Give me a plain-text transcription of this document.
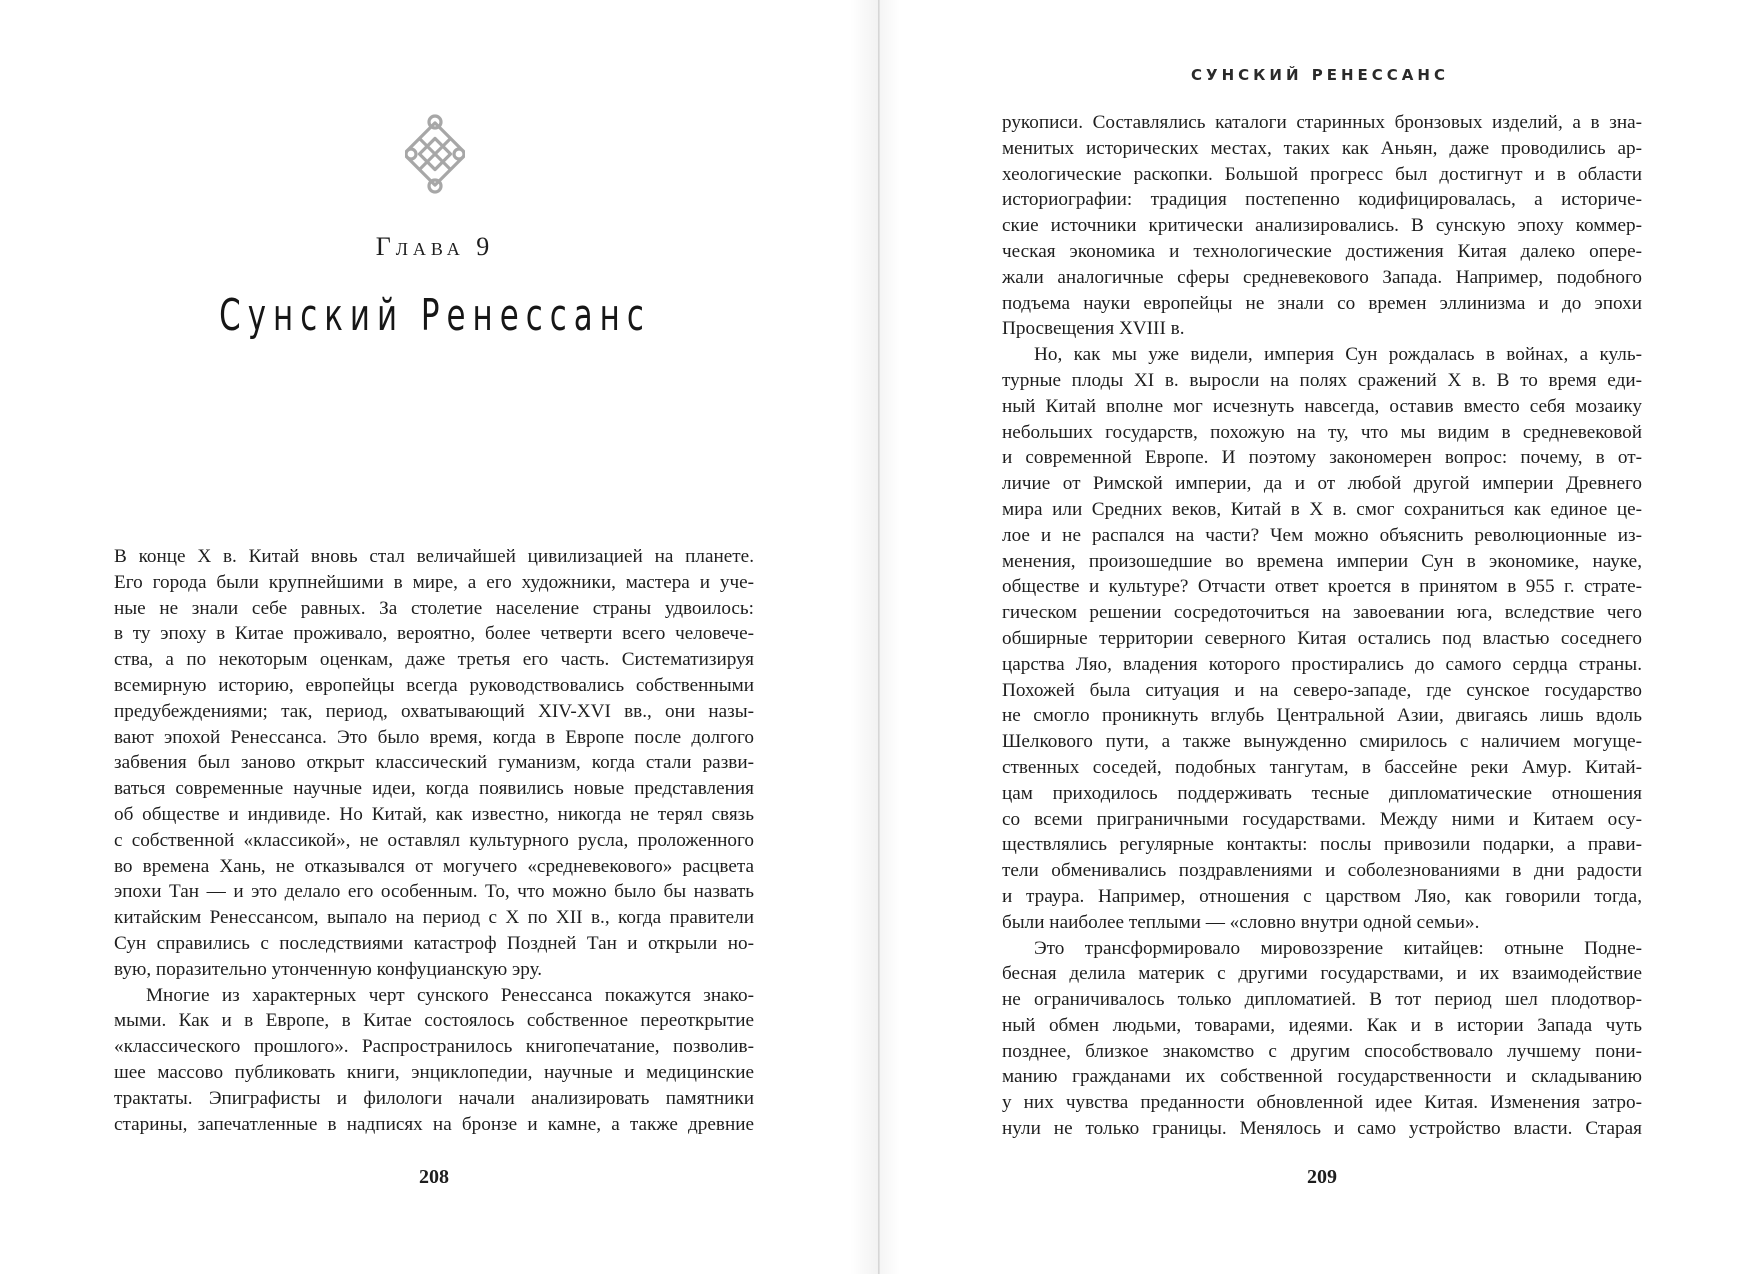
Глава 9
Сунский Ренессанс
В конце X в. Китай вновь стал величайшей цивилизацией на планете.
Его города были крупнейшими в мире, а его художники, мастера и уче-
ные не знали себе равных. За столетие население страны удвоилось:
в ту эпоху в Китае проживало, вероятно, более четверти всего человече-
ства, а по некоторым оценкам, даже третья его часть. Систематизируя
всемирную историю, европейцы всегда руководствовались собственными
предубеждениями; так, период, охватывающий XIV-XVI вв., они назы-
вают эпохой Ренессанса. Это было время, когда в Европе после долгого
забвения был заново открыт классический гуманизм, когда стали разви-
ваться современные научные идеи, когда появились новые представления
об обществе и индивиде. Но Китай, как известно, никогда не терял связь
с собственной «классикой», не оставлял культурного русла, проложенного
во времена Хань, не отказывался от могучего «средневекового» расцвета
эпохи Тан — и это делало его особенным. То, что можно было бы назвать
китайским Ренессансом, выпало на период с X по XII в., когда правители
Сун справились с последствиями катастроф Поздней Тан и открыли но-
вую, поразительно утонченную конфуцианскую эру.
Многие из характерных черт сунского Ренессанса покажутся знако-
мыми. Как и в Европе, в Китае состоялось собственное переоткрытие
«классического прошлого». Распространилось книгопечатание, позволив-
шее массово публиковать книги, энциклопедии, научные и медицинские
трактаты. Эпиграфисты и филологи начали анализировать памятники
старины, запечатленные в надписях на бронзе и камне, а также древние
208
СУНСКИЙ РЕНЕССАНС
рукописи. Составлялись каталоги старинных бронзовых изделий, а в зна-
менитых исторических местах, таких как Аньян, даже проводились ар-
хеологические раскопки. Большой прогресс был достигнут и в области
историографии: традиция постепенно кодифицировалась, а историче-
ские источники критически анализировались. В сунскую эпоху коммер-
ческая экономика и технологические достижения Китая далеко опере-
жали аналогичные сферы средневекового Запада. Например, подобного
подъема науки европейцы не знали со времен эллинизма и до эпохи
Просвещения XVIII в.
Но, как мы уже видели, империя Сун рождалась в войнах, а куль-
турные плоды XI в. выросли на полях сражений X в. В то время еди-
ный Китай вполне мог исчезнуть навсегда, оставив вместо себя мозаику
небольших государств, похожую на ту, что мы видим в средневековой
и современной Европе. И поэтому закономерен вопрос: почему, в от-
личие от Римской империи, да и от любой другой империи Древнего
мира или Средних веков, Китай в X в. смог сохраниться как единое це-
лое и не распался на части? Чем можно объяснить революционные из-
менения, произошедшие во времена империи Сун в экономике, науке,
обществе и культуре? Отчасти ответ кроется в принятом в 955 г. страте-
гическом решении сосредоточиться на завоевании юга, вследствие чего
обширные территории северного Китая остались под властью соседнего
царства Ляо, владения которого простирались до самого сердца страны.
Похожей была ситуация и на северо-западе, где сунское государство
не смогло проникнуть вглубь Центральной Азии, двигаясь лишь вдоль
Шелкового пути, а также вынужденно смирилось с наличием могуще-
ственных соседей, подобных тангутам, в бассейне реки Амур. Китай-
цам приходилось поддерживать тесные дипломатические отношения
со всеми приграничными государствами. Между ними и Китаем осу-
ществлялись регулярные контакты: послы привозили подарки, а прави-
тели обменивались поздравлениями и соболезнованиями в дни радости
и траура. Например, отношения с царством Ляо, как говорили тогда,
были наиболее теплыми — «словно внутри одной семьи».
Это трансформировало мировоззрение китайцев: отныне Подне-
бесная делила материк с другими государствами, и их взаимодействие
не ограничивалось только дипломатией. В тот период шел плодотвор-
ный обмен людьми, товарами, идеями. Как и в истории Запада чуть
позднее, близкое знакомство с другим способствовало лучшему пони-
манию гражданами их собственной государственности и складыванию
у них чувства преданности обновленной идее Китая. Изменения затро-
нули не только границы. Менялось и само устройство власти. Старая
209
